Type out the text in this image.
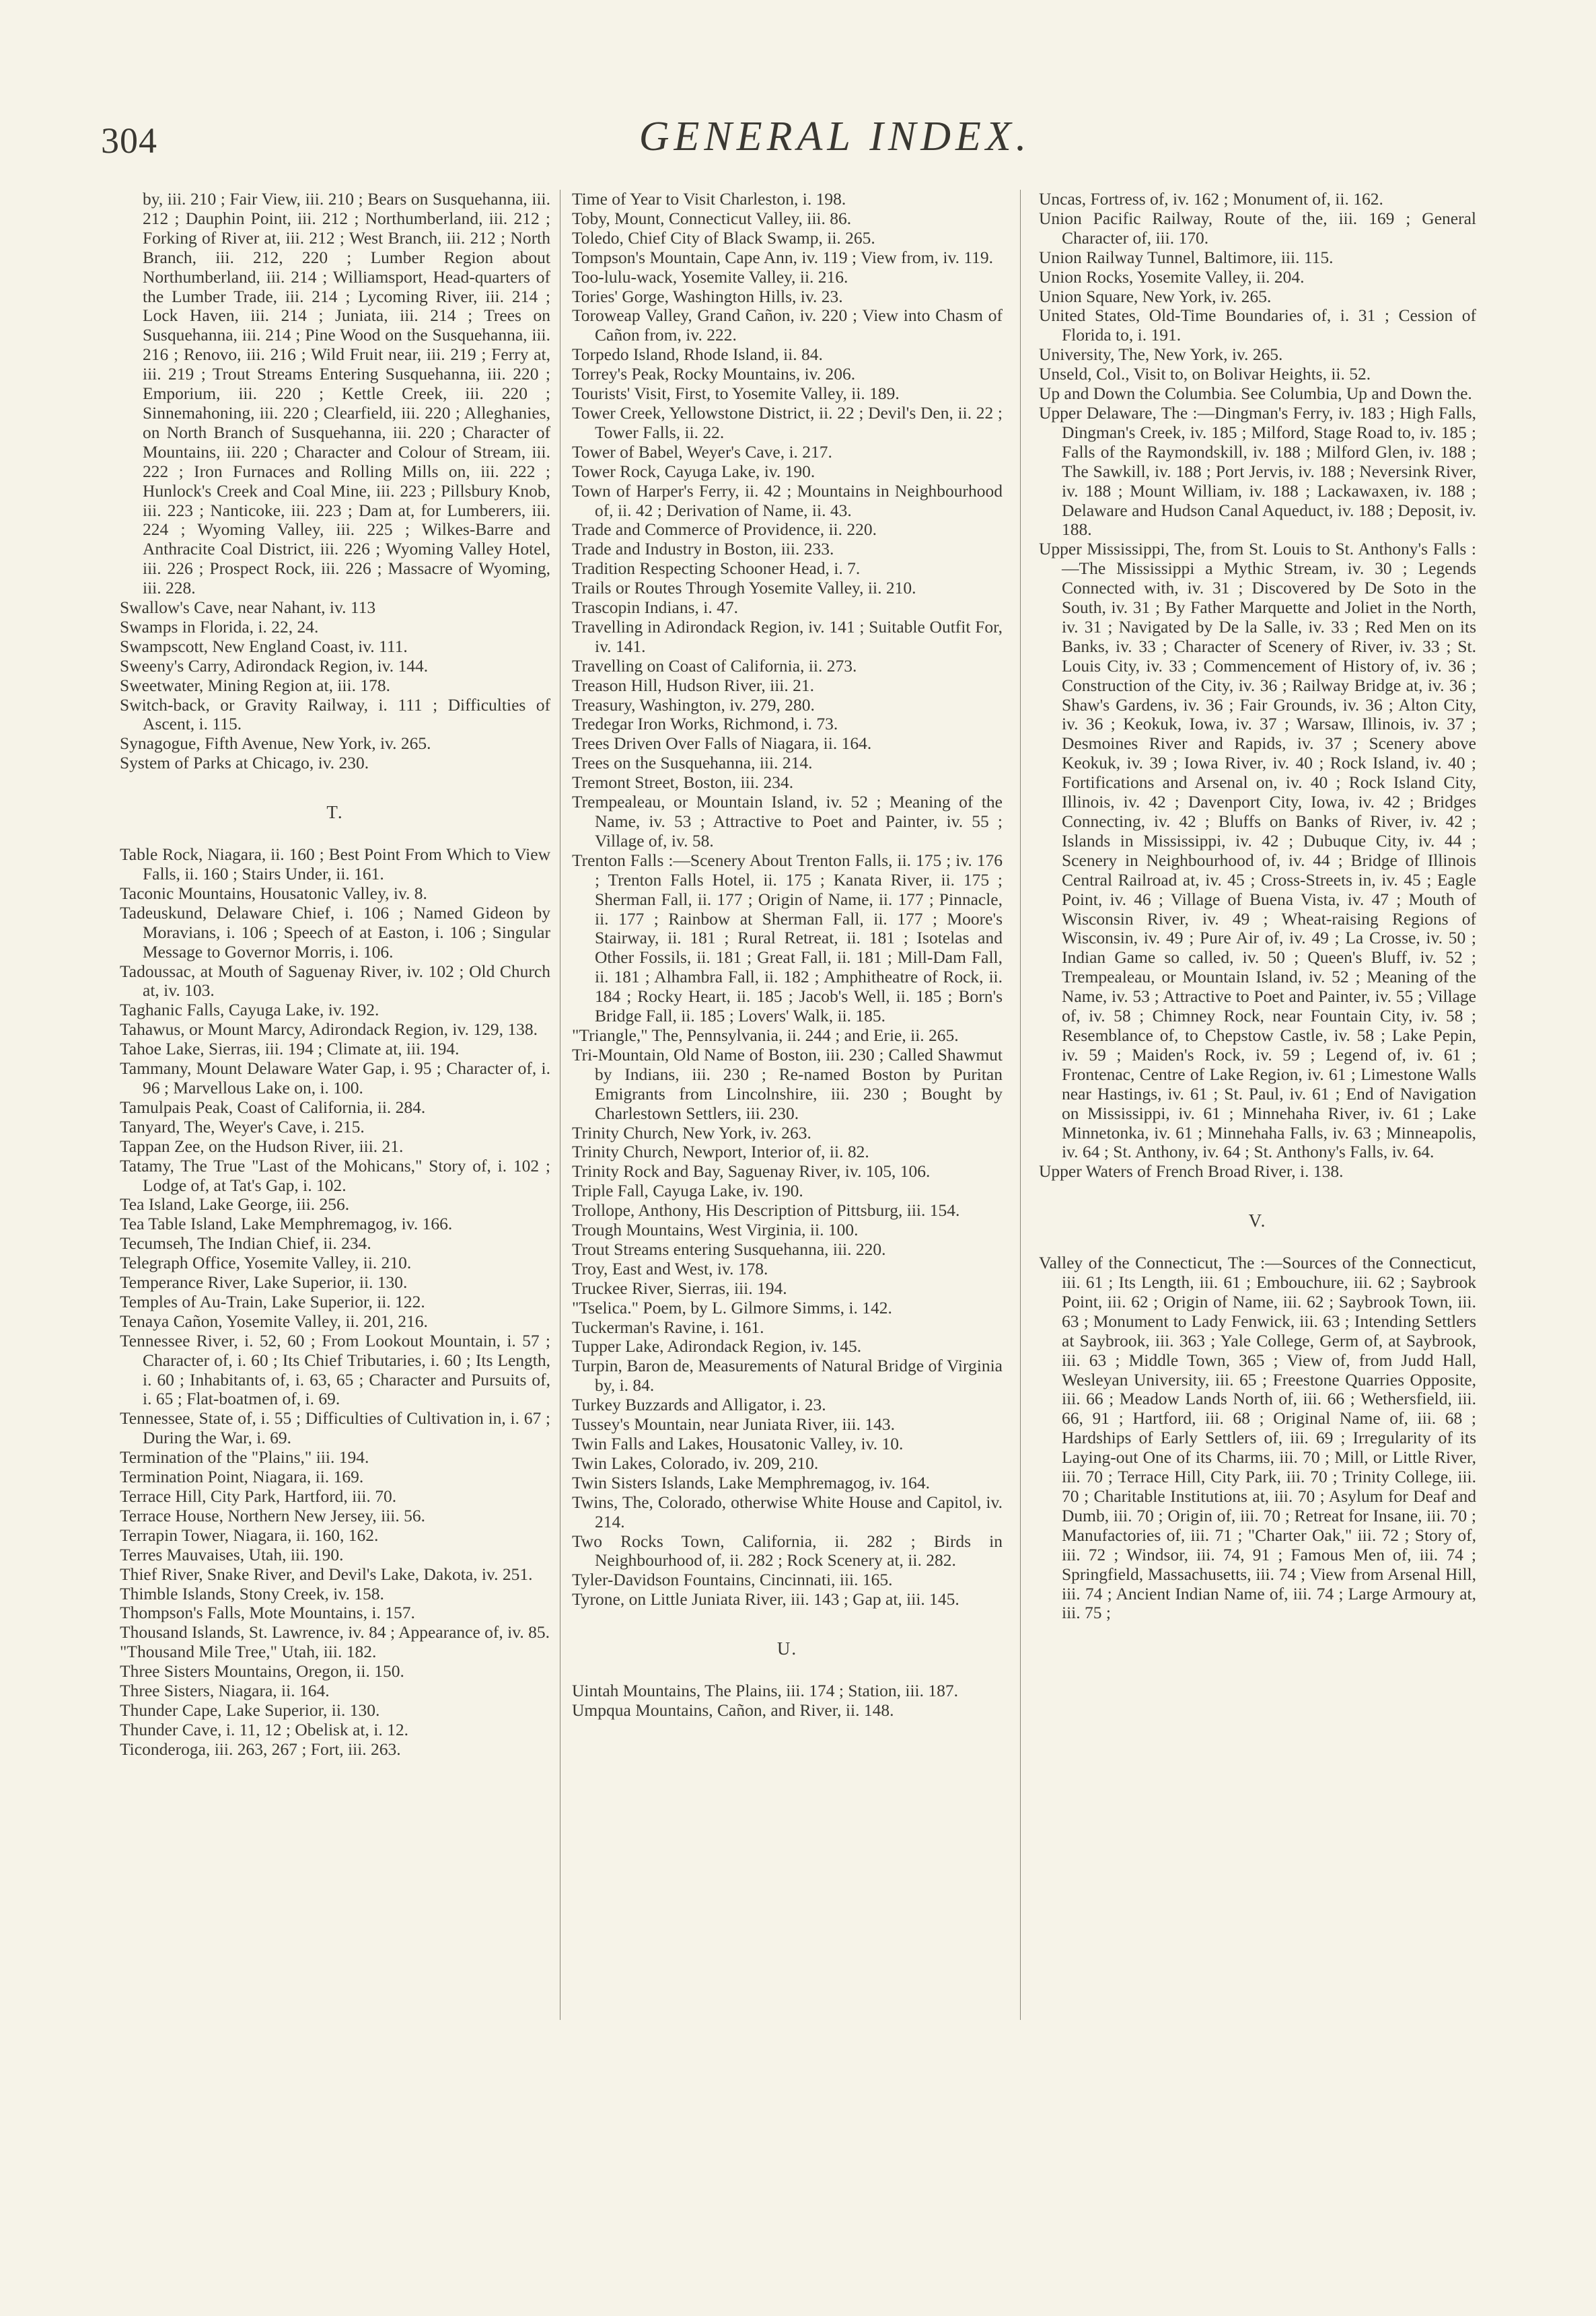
304	GENERAL INDEX.

by, iii. 210 ; Fair View, iii. 210 ; Bears on Susquehanna, iii. 212 ; Dauphin Point, iii. 212 ; Northumberland, iii. 212 ; Forking of River at, iii. 212 ; West Branch, iii. 212 ; North Branch, iii. 212, 220 ; Lumber Region about Northumberland, iii. 214 ; Williamsport, Head-quarters of the Lumber Trade, iii. 214 ; Lycoming River, iii. 214 ; Lock Haven, iii. 214 ; Juniata, iii. 214 ; Trees on Susquehanna, iii. 214 ; Pine Wood on the Susquehanna, iii. 216 ; Renovo, iii. 216 ; Wild Fruit near, iii. 219 ; Ferry at, iii. 219 ; Trout Streams Entering Susquehanna, iii. 220 ; Emporium, iii. 220 ; Kettle Creek, iii. 220 ; Sinnemahoning, iii. 220 ; Clearfield, iii. 220 ; Alleghanies, on North Branch of Susquehanna, iii. 220 ; Character of Mountains, iii. 220 ; Character and Colour of Stream, iii. 222 ; Iron Furnaces and Rolling Mills on, iii. 222 ; Hunlock's Creek and Coal Mine, iii. 223 ; Pillsbury Knob, iii. 223 ; Nanticoke, iii. 223 ; Dam at, for Lumberers, iii. 224 ; Wyoming Valley, iii. 225 ; Wilkes-Barre and Anthracite Coal District, iii. 226 ; Wyoming Valley Hotel, iii. 226 ; Prospect Rock, iii. 226 ; Massacre of Wyoming, iii. 228.

Swallow's Cave, near Nahant, iv. 113

Swamps in Florida, i. 22, 24.

Swampscott, New England Coast, iv. 111.

Sweeny's Carry, Adirondack Region, iv. 144.

Sweetwater, Mining Region at, iii. 178.

Switch-back, or Gravity Railway, i. 111 ; Difficulties of Ascent, i. 115.

Synagogue, Fifth Avenue, New York, iv. 265.

System of Parks at Chicago, iv. 230.

T.

Table Rock, Niagara, ii. 160 ; Best Point From Which to View Falls, ii. 160 ; Stairs Under, ii. 161.

Taconic Mountains, Housatonic Valley, iv. 8.

Tadeuskund, Delaware Chief, i. 106 ; Named Gideon by Moravians, i. 106 ; Speech of at Easton, i. 106 ; Singular Message to Governor Morris, i. 106.

Tadoussac, at Mouth of Saguenay River, iv. 102 ; Old Church at, iv. 103.

Taghanic Falls, Cayuga Lake, iv. 192.

Tahawus, or Mount Marcy, Adirondack Region, iv. 129, 138.

Tahoe Lake, Sierras, iii. 194 ; Climate at, iii. 194.

Tammany, Mount Delaware Water Gap, i. 95 ; Character of, i. 96 ; Marvellous Lake on, i. 100.

Tamulpais Peak, Coast of California, ii. 284.

Tanyard, The, Weyer's Cave, i. 215.

Tappan Zee, on the Hudson River, iii. 21.

Tatamy, The True "Last of the Mohicans," Story of, i. 102 ; Lodge of, at Tat's Gap, i. 102.

Tea Island, Lake George, iii. 256.

Tea Table Island, Lake Memphremagog, iv. 166.

Tecumseh, The Indian Chief, ii. 234.

Telegraph Office, Yosemite Valley, ii. 210.

Temperance River, Lake Superior, ii. 130.

Temples of Au-Train, Lake Superior, ii. 122.

Tenaya Cañon, Yosemite Valley, ii. 201, 216.

Tennessee River, i. 52, 60 ; From Lookout Mountain, i. 57 ; Character of, i. 60 ; Its Chief Tributaries, i. 60 ; Its Length, i. 60 ; Inhabitants of, i. 63, 65 ; Character and Pursuits of, i. 65 ; Flat-boatmen of, i. 69.

Tennessee, State of, i. 55 ; Difficulties of Cultivation in, i. 67 ; During the War, i. 69.

Termination of the "Plains," iii. 194.

Termination Point, Niagara, ii. 169.

Terrace Hill, City Park, Hartford, iii. 70.

Terrace House, Northern New Jersey, iii. 56.

Terrapin Tower, Niagara, ii. 160, 162.

Terres Mauvaises, Utah, iii. 190.

Thief River, Snake River, and Devil's Lake, Dakota, iv. 251.

Thimble Islands, Stony Creek, iv. 158.

Thompson's Falls, Mote Mountains, i. 157.

Thousand Islands, St. Lawrence, iv. 84 ; Appearance of, iv. 85.

"Thousand Mile Tree," Utah, iii. 182.

Three Sisters Mountains, Oregon, ii. 150.

Three Sisters, Niagara, ii. 164.

Thunder Cape, Lake Superior, ii. 130.

Thunder Cave, i. 11, 12 ; Obelisk at, i. 12.

Ticonderoga, iii. 263, 267 ; Fort, iii. 263.

Time of Year to Visit Charleston, i. 198.

Toby, Mount, Connecticut Valley, iii. 86.

Toledo, Chief City of Black Swamp, ii. 265.

Tompson's Mountain, Cape Ann, iv. 119 ; View from, iv. 119.

Too-lulu-wack, Yosemite Valley, ii. 216.

Tories' Gorge, Washington Hills, iv. 23.

Toroweap Valley, Grand Cañon, iv. 220 ; View into Chasm of Cañon from, iv. 222.

Torpedo Island, Rhode Island, ii. 84.

Torrey's Peak, Rocky Mountains, iv. 206.

Tourists' Visit, First, to Yosemite Valley, ii. 189.

Tower Creek, Yellowstone District, ii. 22 ; Devil's Den, ii. 22 ; Tower Falls, ii. 22.

Tower of Babel, Weyer's Cave, i. 217.

Tower Rock, Cayuga Lake, iv. 190.

Town of Harper's Ferry, ii. 42 ; Mountains in Neighbourhood of, ii. 42 ; Derivation of Name, ii. 43.

Trade and Commerce of Providence, ii. 220.

Trade and Industry in Boston, iii. 233.

Tradition Respecting Schooner Head, i. 7.

Trails or Routes Through Yosemite Valley, ii. 210.

Trascopin Indians, i. 47.

Travelling in Adirondack Region, iv. 141 ; Suitable Outfit For, iv. 141.

Travelling on Coast of California, ii. 273.

Treason Hill, Hudson River, iii. 21.

Treasury, Washington, iv. 279, 280.

Tredegar Iron Works, Richmond, i. 73.

Trees Driven Over Falls of Niagara, ii. 164.

Trees on the Susquehanna, iii. 214.

Tremont Street, Boston, iii. 234.

Trempealeau, or Mountain Island, iv. 52 ; Meaning of the Name, iv. 53 ; Attractive to Poet and Painter, iv. 55 ; Village of, iv. 58.

Trenton Falls :—Scenery About Trenton Falls, ii. 175 ; iv. 176 ; Trenton Falls Hotel, ii. 175 ; Kanata River, ii. 175 ; Sherman Fall, ii. 177 ; Origin of Name, ii. 177 ; Pinnacle, ii. 177 ; Rainbow at Sherman Fall, ii. 177 ; Moore's Stairway, ii. 181 ; Rural Retreat, ii. 181 ; Isotelas and Other Fossils, ii. 181 ; Great Fall, ii. 181 ; Mill-Dam Fall, ii. 181 ; Alhambra Fall, ii. 182 ; Amphitheatre of Rock, ii. 184 ; Rocky Heart, ii. 185 ; Jacob's Well, ii. 185 ; Born's Bridge Fall, ii. 185 ; Lovers' Walk, ii. 185.

"Triangle," The, Pennsylvania, ii. 244 ; and Erie, ii. 265.

Tri-Mountain, Old Name of Boston, iii. 230 ; Called Shawmut by Indians, iii. 230 ; Re-named Boston by Puritan Emigrants from Lincolnshire, iii. 230 ; Bought by Charlestown Settlers, iii. 230.

Trinity Church, New York, iv. 263.

Trinity Church, Newport, Interior of, ii. 82.

Trinity Rock and Bay, Saguenay River, iv. 105, 106.

Triple Fall, Cayuga Lake, iv. 190.

Trollope, Anthony, His Description of Pittsburg, iii. 154.

Trough Mountains, West Virginia, ii. 100.

Trout Streams entering Susquehanna, iii. 220.

Troy, East and West, iv. 178.

Truckee River, Sierras, iii. 194.

"Tselica." Poem, by L. Gilmore Simms, i. 142.

Tuckerman's Ravine, i. 161.

Tupper Lake, Adirondack Region, iv. 145.

Turpin, Baron de, Measurements of Natural Bridge of Virginia by, i. 84.

Turkey Buzzards and Alligator, i. 23.

Tussey's Mountain, near Juniata River, iii. 143.

Twin Falls and Lakes, Housatonic Valley, iv. 10.

Twin Lakes, Colorado, iv. 209, 210.

Twin Sisters Islands, Lake Memphremagog, iv. 164.

Twins, The, Colorado, otherwise White House and Capitol, iv. 214.

Two Rocks Town, California, ii. 282 ; Birds in Neighbourhood of, ii. 282 ; Rock Scenery at, ii. 282.

Tyler-Davidson Fountains, Cincinnati, iii. 165.

Tyrone, on Little Juniata River, iii. 143 ; Gap at, iii. 145.

U.

Uintah Mountains, The Plains, iii. 174 ; Station, iii. 187.

Umpqua Mountains, Cañon, and River, ii. 148.

Uncas, Fortress of, iv. 162 ; Monument of, ii. 162.

Union Pacific Railway, Route of the, iii. 169 ; General Character of, iii. 170.

Union Railway Tunnel, Baltimore, iii. 115.

Union Rocks, Yosemite Valley, ii. 204.

Union Square, New York, iv. 265.

United States, Old-Time Boundaries of, i. 31 ; Cession of Florida to, i. 191.

University, The, New York, iv. 265.

Unseld, Col., Visit to, on Bolivar Heights, ii. 52.

Up and Down the Columbia. See Columbia, Up and Down the.

Upper Delaware, The :—Dingman's Ferry, iv. 183 ; High Falls, Dingman's Creek, iv. 185 ; Milford, Stage Road to, iv. 185 ; Falls of the Raymondskill, iv. 188 ; Milford Glen, iv. 188 ; The Sawkill, iv. 188 ; Port Jervis, iv. 188 ; Neversink River, iv. 188 ; Mount William, iv. 188 ; Lackawaxen, iv. 188 ; Delaware and Hudson Canal Aqueduct, iv. 188 ; Deposit, iv. 188.

Upper Mississippi, The, from St. Louis to St. Anthony's Falls :—The Mississippi a Mythic Stream, iv. 30 ; Legends Connected with, iv. 31 ; Discovered by De Soto in the South, iv. 31 ; By Father Marquette and Joliet in the North, iv. 31 ; Navigated by De la Salle, iv. 33 ; Red Men on its Banks, iv. 33 ; Character of Scenery of River, iv. 33 ; St. Louis City, iv. 33 ; Commencement of History of, iv. 36 ; Construction of the City, iv. 36 ; Railway Bridge at, iv. 36 ; Shaw's Gardens, iv. 36 ; Fair Grounds, iv. 36 ; Alton City, iv. 36 ; Keokuk, Iowa, iv. 37 ; Warsaw, Illinois, iv. 37 ; Desmoines River and Rapids, iv. 37 ; Scenery above Keokuk, iv. 39 ; Iowa River, iv. 40 ; Rock Island, iv. 40 ; Fortifications and Arsenal on, iv. 40 ; Rock Island City, Illinois, iv. 42 ; Davenport City, Iowa, iv. 42 ; Bridges Connecting, iv. 42 ; Bluffs on Banks of River, iv. 42 ; Islands in Mississippi, iv. 42 ; Dubuque City, iv. 44 ; Scenery in Neighbourhood of, iv. 44 ; Bridge of Illinois Central Railroad at, iv. 45 ; Cross-Streets in, iv. 45 ; Eagle Point, iv. 46 ; Village of Buena Vista, iv. 47 ; Mouth of Wisconsin River, iv. 49 ; Wheat-raising Regions of Wisconsin, iv. 49 ; Pure Air of, iv. 49 ; La Crosse, iv. 50 ; Indian Game so called, iv. 50 ; Queen's Bluff, iv. 52 ; Trempealeau, or Mountain Island, iv. 52 ; Meaning of the Name, iv. 53 ; Attractive to Poet and Painter, iv. 55 ; Village of, iv. 58 ; Chimney Rock, near Fountain City, iv. 58 ; Resemblance of, to Chepstow Castle, iv. 58 ; Lake Pepin, iv. 59 ; Maiden's Rock, iv. 59 ; Legend of, iv. 61 ; Frontenac, Centre of Lake Region, iv. 61 ; Limestone Walls near Hastings, iv. 61 ; St. Paul, iv. 61 ; End of Navigation on Mississippi, iv. 61 ; Minnehaha River, iv. 61 ; Lake Minnetonka, iv. 61 ; Minnehaha Falls, iv. 63 ; Minneapolis, iv. 64 ; St. Anthony, iv. 64 ; St. Anthony's Falls, iv. 64.

Upper Waters of French Broad River, i. 138.

V.

Valley of the Connecticut, The :—Sources of the Connecticut, iii. 61 ; Its Length, iii. 61 ; Embouchure, iii. 62 ; Saybrook Point, iii. 62 ; Origin of Name, iii. 62 ; Saybrook Town, iii. 63 ; Monument to Lady Fenwick, iii. 63 ; Intending Settlers at Saybrook, iii. 363 ; Yale College, Germ of, at Saybrook, iii. 63 ; Middle Town, 365 ; View of, from Judd Hall, Wesleyan University, iii. 65 ; Freestone Quarries Opposite, iii. 66 ; Meadow Lands North of, iii. 66 ; Wethersfield, iii. 66, 91 ; Hartford, iii. 68 ; Original Name of, iii. 68 ; Hardships of Early Settlers of, iii. 69 ; Irregularity of its Laying-out One of its Charms, iii. 70 ; Mill, or Little River, iii. 70 ; Terrace Hill, City Park, iii. 70 ; Trinity College, iii. 70 ; Charitable Institutions at, iii. 70 ; Asylum for Deaf and Dumb, iii. 70 ; Origin of, iii. 70 ; Retreat for Insane, iii. 70 ; Manufactories of, iii. 71 ; "Charter Oak," iii. 72 ; Story of, iii. 72 ; Windsor, iii. 74, 91 ; Famous Men of, iii. 74 ; Springfield, Massachusetts, iii. 74 ; View from Arsenal Hill, iii. 74 ; Ancient Indian Name of, iii. 74 ; Large Armoury at, iii. 75 ;
